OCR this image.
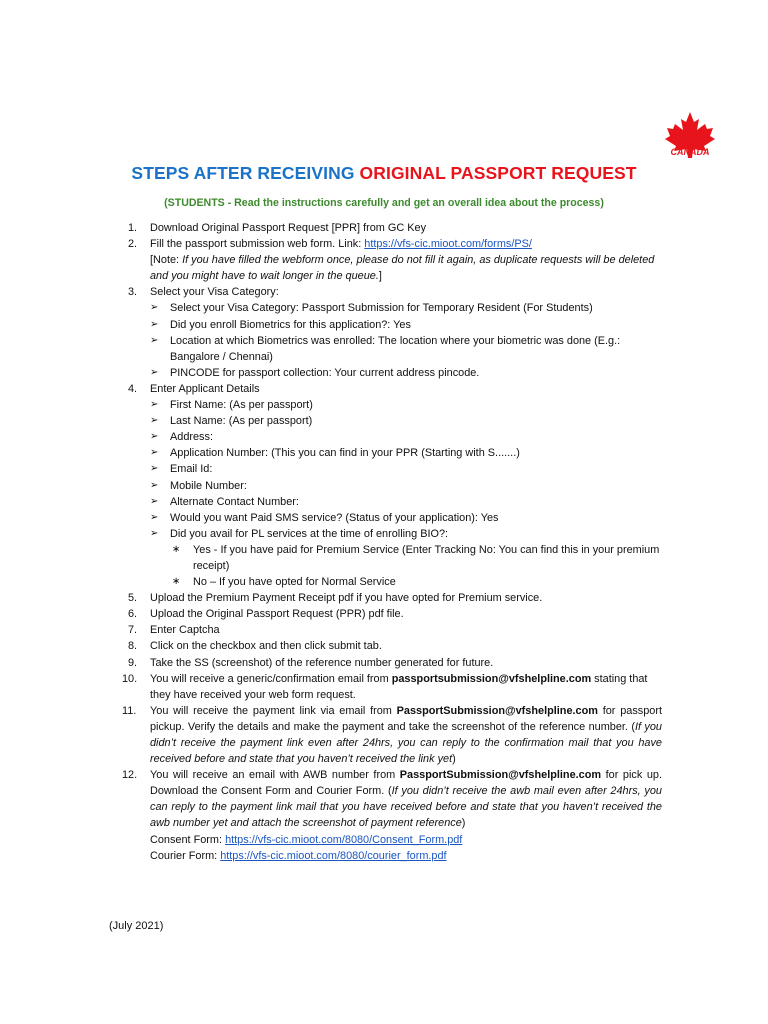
CANADA
STEPS AFTER RECEIVING ORIGINAL PASSPORT REQUEST
(STUDENTS - Read the instructions carefully and get an overall idea about the process)
1. Download Original Passport Request [PPR] from GC Key
2. Fill the passport submission web form. Link: https://vfs-cic.mioot.com/forms/PS/
[Note: If you have filled the webform once, please do not fill it again, as duplicate requests will be deleted and you might have to wait longer in the queue.]
3. Select your Visa Category:
➢ Select your Visa Category: Passport Submission for Temporary Resident (For Students)
➢ Did you enroll Biometrics for this application?: Yes
➢ Location at which Biometrics was enrolled: The location where your biometric was done (E.g.: Bangalore / Chennai)
➢ PINCODE for passport collection: Your current address pincode.
4. Enter Applicant Details
➢ First Name: (As per passport)
➢ Last Name: (As per passport)
➢ Address:
➢ Application Number: (This you can find in your PPR (Starting with S.......)
➢ Email Id:
➢ Mobile Number:
➢ Alternate Contact Number:
➢ Would you want Paid SMS service? (Status of your application): Yes
➢ Did you avail for PL services at the time of enrolling BIO?:
∗ Yes - If you have paid for Premium Service (Enter Tracking No: You can find this in your premium receipt)
∗ No – If you have opted for Normal Service
5. Upload the Premium Payment Receipt pdf if you have opted for Premium service.
6. Upload the Original Passport Request (PPR) pdf file.
7. Enter Captcha
8. Click on the checkbox and then click submit tab.
9. Take the SS (screenshot) of the reference number generated for future.
10. You will receive a generic/confirmation email from passportsubmission@vfshelpline.com stating that they have received your web form request.
11. You will receive the payment link via email from PassportSubmission@vfshelpline.com for passport pickup. Verify the details and make the payment and take the screenshot of the reference number. (If you didn’t receive the payment link even after 24hrs, you can reply to the confirmation mail that you have received before and state that you haven’t received the link yet)
12. You will receive an email with AWB number from PassportSubmission@vfshelpline.com for pick up. Download the Consent Form and Courier Form. (If you didn’t receive the awb mail even after 24hrs, you can reply to the payment link mail that you have received before and state that you haven’t received the awb number yet and attach the screenshot of payment reference)
Consent Form: https://vfs-cic.mioot.com/8080/Consent_Form.pdf
Courier Form: https://vfs-cic.mioot.com/8080/courier_form.pdf
(July 2021)
